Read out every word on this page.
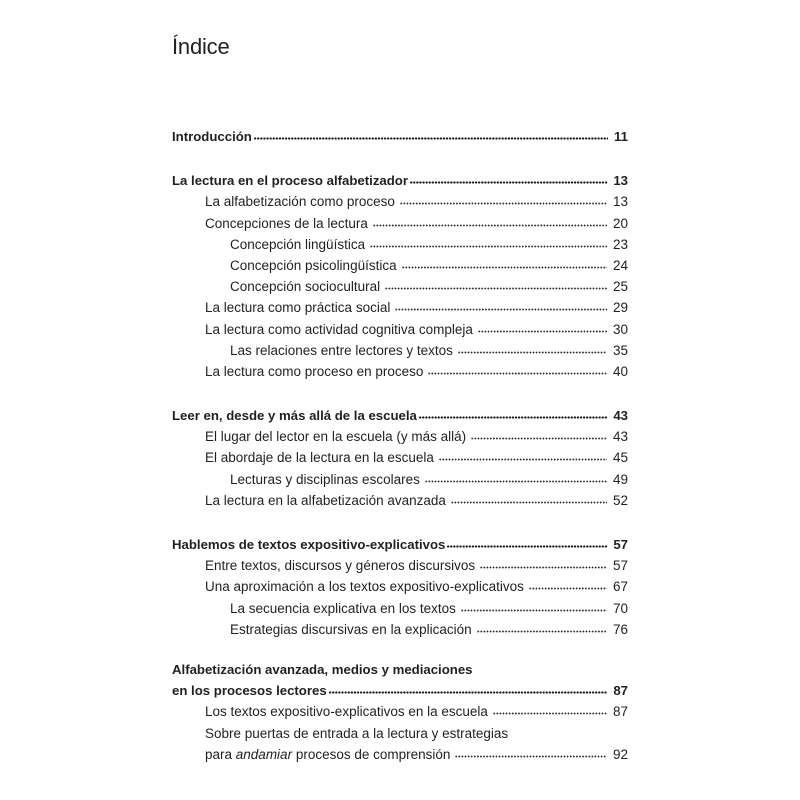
Índice
Introducción	11
La lectura en el proceso alfabetizador	13
La alfabetización como proceso	13
Concepciones de la lectura	20
Concepción lingüística	23
Concepción psicolingüística	24
Concepción sociocultural	25
La lectura como práctica social	29
La lectura como actividad cognitiva compleja	30
Las relaciones entre lectores y textos	35
La lectura como proceso en proceso	40
Leer en, desde y más allá de la escuela	43
El lugar del lector en la escuela (y más allá)	43
El abordaje de la lectura en la escuela	45
Lecturas y disciplinas escolares	49
La lectura en la alfabetización avanzada	52
Hablemos de textos expositivo-explicativos	57
Entre textos, discursos y géneros discursivos	57
Una aproximación a los textos expositivo-explicativos	67
La secuencia explicativa en los textos	70
Estrategias discursivas en la explicación	76
Alfabetización avanzada, medios y mediaciones
en los procesos lectores	87
Los textos expositivo-explicativos en la escuela	87
Sobre puertas de entrada a la lectura y estrategias
para andamiar procesos de comprensión	92
